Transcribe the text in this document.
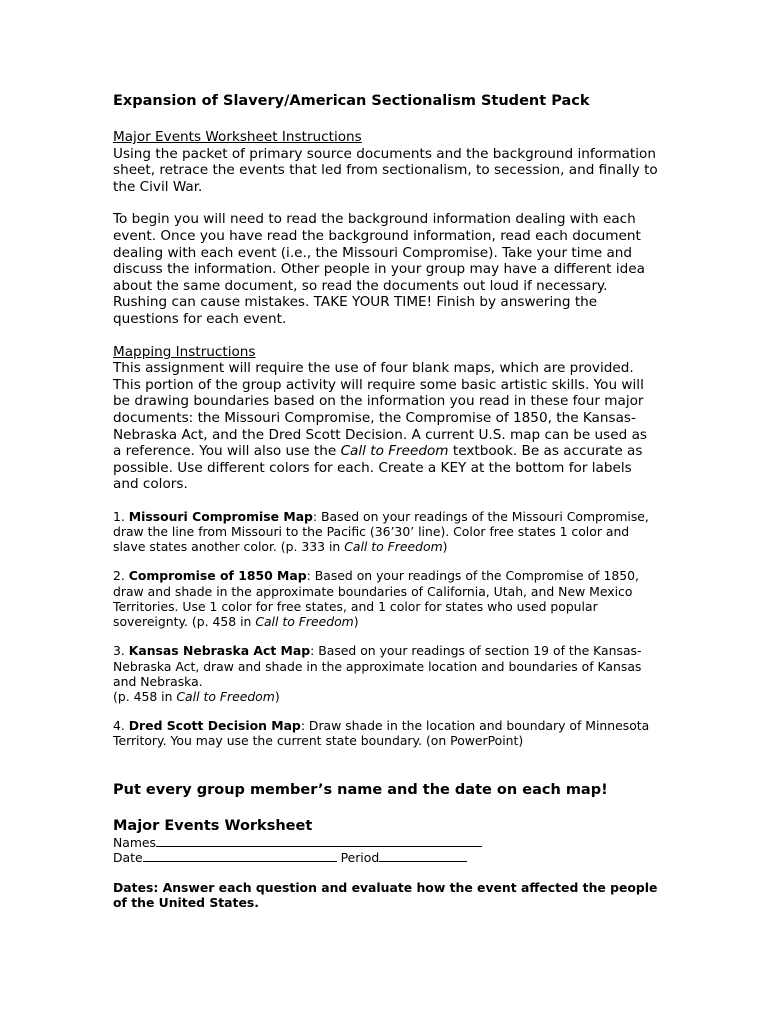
Expansion of Slavery/American Sectionalism Student Pack

Major Events Worksheet Instructions

Using the packet of primary source documents and the background information sheet, retrace the events that led from sectionalism, to secession, and finally to the Civil War.

To begin you will need to read the background information dealing with each event. Once you have read the background information, read each document dealing with each event (i.e., the Missouri Compromise). Take your time and discuss the information. Other people in your group may have a different idea about the same document, so read the documents out loud if necessary. Rushing can cause mistakes. TAKE YOUR TIME! Finish by answering the questions for each event.

Mapping Instructions

This assignment will require the use of four blank maps, which are provided. This portion of the group activity will require some basic artistic skills. You will be drawing boundaries based on the information you read in these four major documents: the Missouri Compromise, the Compromise of 1850, the Kansas-Nebraska Act, and the Dred Scott Decision. A current U.S. map can be used as a reference. You will also use the Call to Freedom textbook. Be as accurate as possible. Use different colors for each. Create a KEY at the bottom for labels and colors.

1. Missouri Compromise Map: Based on your readings of the Missouri Compromise, draw the line from Missouri to the Pacific (36’30’ line). Color free states 1 color and slave states another color. (p. 333 in Call to Freedom)

2. Compromise of 1850 Map: Based on your readings of the Compromise of 1850, draw and shade in the approximate boundaries of California, Utah, and New Mexico Territories. Use 1 color for free states, and 1 color for states who used popular sovereignty. (p. 458 in Call to Freedom)

3. Kansas Nebraska Act Map: Based on your readings of section 19 of the Kansas-Nebraska Act, draw and shade in the approximate location and boundaries of Kansas and Nebraska.
(p. 458 in Call to Freedom)

4. Dred Scott Decision Map: Draw shade in the location and boundary of Minnesota Territory. You may use the current state boundary. (on PowerPoint)

Put every group member’s name and the date on each map!

Major Events Worksheet

Names

Date	Period

Dates: Answer each question and evaluate how the event affected the people of the United States.
